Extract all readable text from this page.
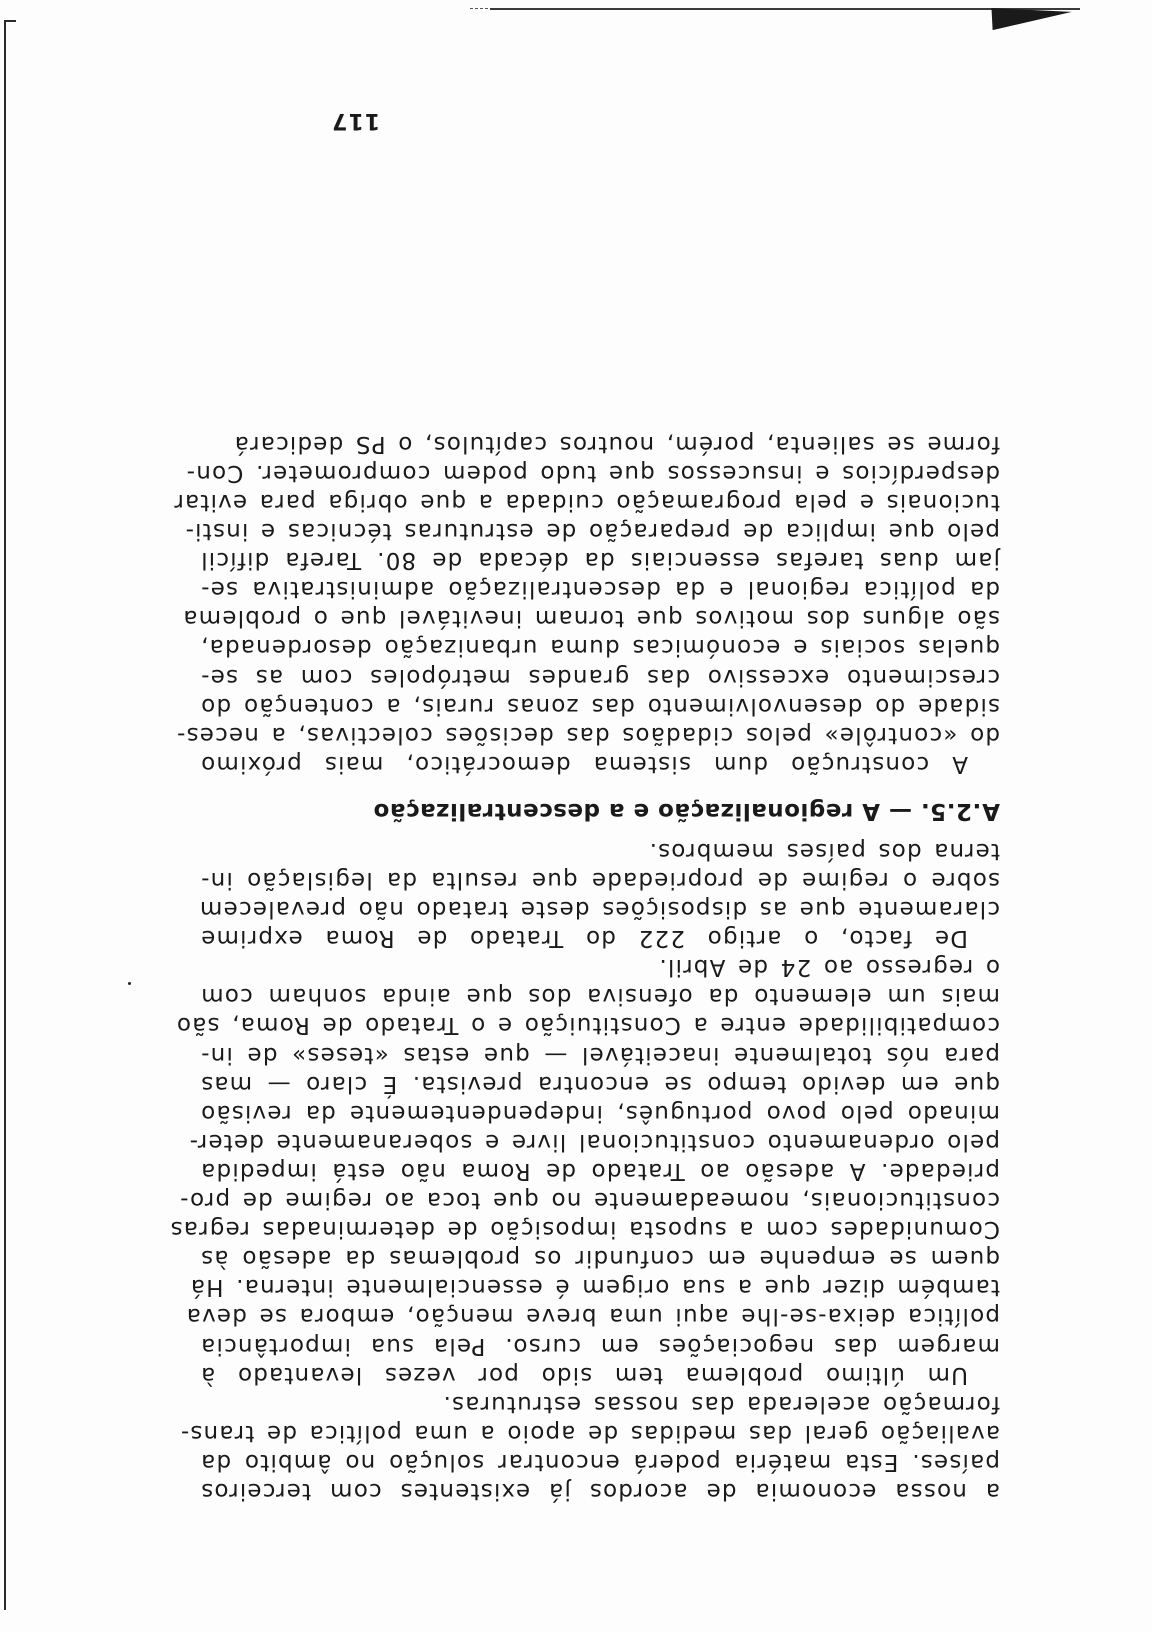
a nossa economia de acordos já existentes com terceiros
países. Esta matéria poderá encontrar solução no âmbito da
avaliação geral das medidas de apoio a uma política de trans-
formação acelerada das nossas estruturas.
Um último problema tem sido por vezes levantado à
margem das negociações em curso. Pela sua importância
política deixa-se-lhe aqui uma breve menção, embora se deva
também dizer que a sua origem é essencialmente interna. Há
quem se empenhe em confundir os problemas da adesão às
Comunidades com a suposta imposição de determinadas regras
constitucionais, nomeadamente no que toca ao regime de pro-
priedade. A adesão ao Tratado de Roma não está impedida
pelo ordenamento constitucional livre e soberanamente deter-
minado pelo povo português, independentemente da revisão
que em devido tempo se encontra prevista. É claro — mas
para nós totalmente inaceitável — que estas «teses» de in-
compatibilidade entre a Constituição e o Tratado de Roma, são
mais um elemento da ofensiva dos que ainda sonham com
o regresso ao 24 de Abril.
De facto, o artigo 222 do Tratado de Roma exprime
claramente que as disposições deste tratado não prevalecem
sobre o regime de propriedade que resulta da legislação in-
terna dos países membros.
A.2.5. — A regionalização e a descentralização
A construção dum sistema democrático, mais próximo
do «contrôle» pelos cidadãos das decisões colectivas, a neces-
sidade do desenvolvimento das zonas rurais, a contenção do
crescimento excessivo das grandes metrópoles com as se-
quelas sociais e económicas duma urbanização desordenada,
são alguns dos motivos que tornam inevitável que o problema
da política regional e da descentralização administrativa se-
jam duas tarefas essenciais da década de 80. Tarefa difícil
pelo que implica de preparação de estruturas técnicas e insti-
tucionais e pela programação cuidada a que obriga para evitar
desperdícios e insucessos que tudo podem comprometer. Con-
forme se salienta, porém, noutros capítulos, o PS dedicará
117
